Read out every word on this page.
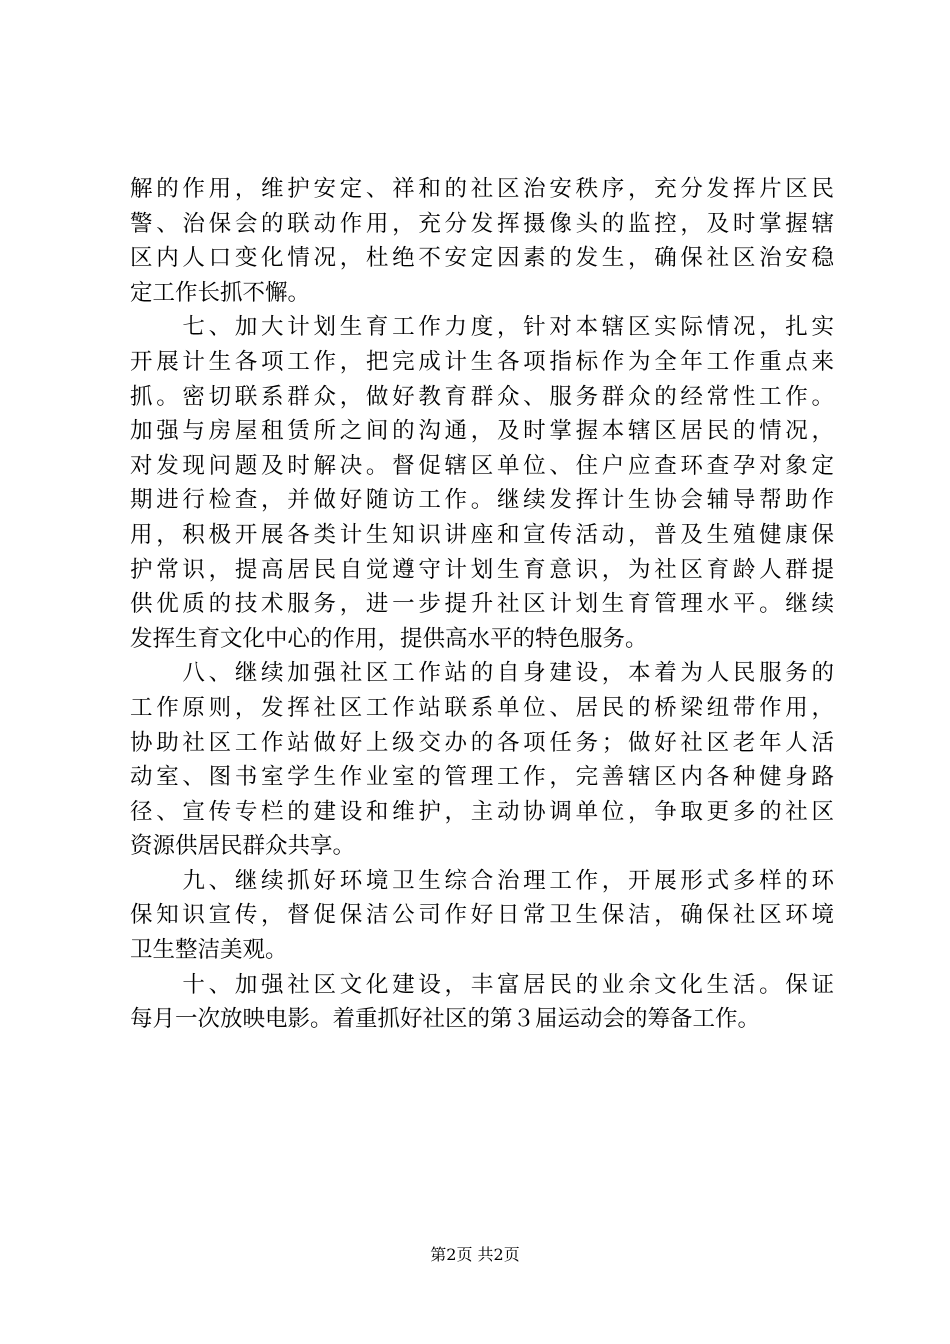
解的作用，维护安定、祥和的社区治安秩序，充分发挥片区民
警、治保会的联动作用，充分发挥摄像头的监控，及时掌握辖
区内人口变化情况，杜绝不安定因素的发生，确保社区治安稳
定工作长抓不懈。
　　七、加大计划生育工作力度，针对本辖区实际情况，扎实
开展计生各项工作，把完成计生各项指标作为全年工作重点来
抓。密切联系群众，做好教育群众、服务群众的经常性工作。
加强与房屋租赁所之间的沟通，及时掌握本辖区居民的情况，
对发现问题及时解决。督促辖区单位、住户应查环查孕对象定
期进行检查，并做好随访工作。继续发挥计生协会辅导帮助作
用，积极开展各类计生知识讲座和宣传活动，普及生殖健康保
护常识，提高居民自觉遵守计划生育意识，为社区育龄人群提
供优质的技术服务，进一步提升社区计划生育管理水平。继续
发挥生育文化中心的作用，提供高水平的特色服务。
　　八、继续加强社区工作站的自身建设，本着为人民服务的
工作原则，发挥社区工作站联系单位、居民的桥梁纽带作用，
协助社区工作站做好上级交办的各项任务；做好社区老年人活
动室、图书室学生作业室的管理工作，完善辖区内各种健身路
径、宣传专栏的建设和维护，主动协调单位，争取更多的社区
资源供居民群众共享。
　　九、继续抓好环境卫生综合治理工作，开展形式多样的环
保知识宣传，督促保洁公司作好日常卫生保洁，确保社区环境
卫生整洁美观。
　　十、加强社区文化建设，丰富居民的业余文化生活。保证
每月一次放映电影。着重抓好社区的第３届运动会的筹备工作。
第2页 共2页
